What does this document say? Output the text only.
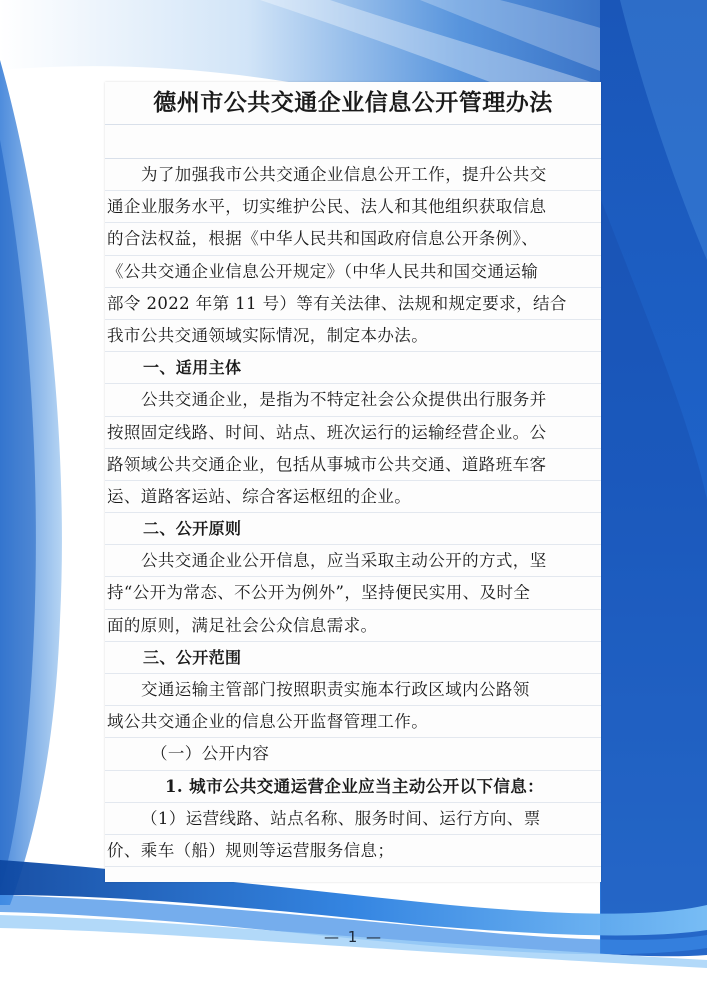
德州市公共交通企业信息公开管理办法
为了加强我市公共交通企业信息公开工作，提升公共交
通企业服务水平，切实维护公民、法人和其他组织获取信息
的合法权益，根据《中华人民共和国政府信息公开条例》、
《公共交通企业信息公开规定》（中华人民共和国交通运输
部令 2022 年第 11 号）等有关法律、法规和规定要求，结合
我市公共交通领域实际情况，制定本办法。
一、适用主体
公共交通企业，是指为不特定社会公众提供出行服务并
按照固定线路、时间、站点、班次运行的运输经营企业。公
路领域公共交通企业，包括从事城市公共交通、道路班车客
运、道路客运站、综合客运枢纽的企业。
二、公开原则
公共交通企业公开信息，应当采取主动公开的方式，坚
持“公开为常态、不公开为例外”，坚持便民实用、及时全
面的原则，满足社会公众信息需求。
三、公开范围
交通运输主管部门按照职责实施本行政区域内公路领
域公共交通企业的信息公开监督管理工作。
（一）公开内容
1. 城市公共交通运营企业应当主动公开以下信息：
（1）运营线路、站点名称、服务时间、运行方向、票
价、乘车（船）规则等运营服务信息；
— 1 —
